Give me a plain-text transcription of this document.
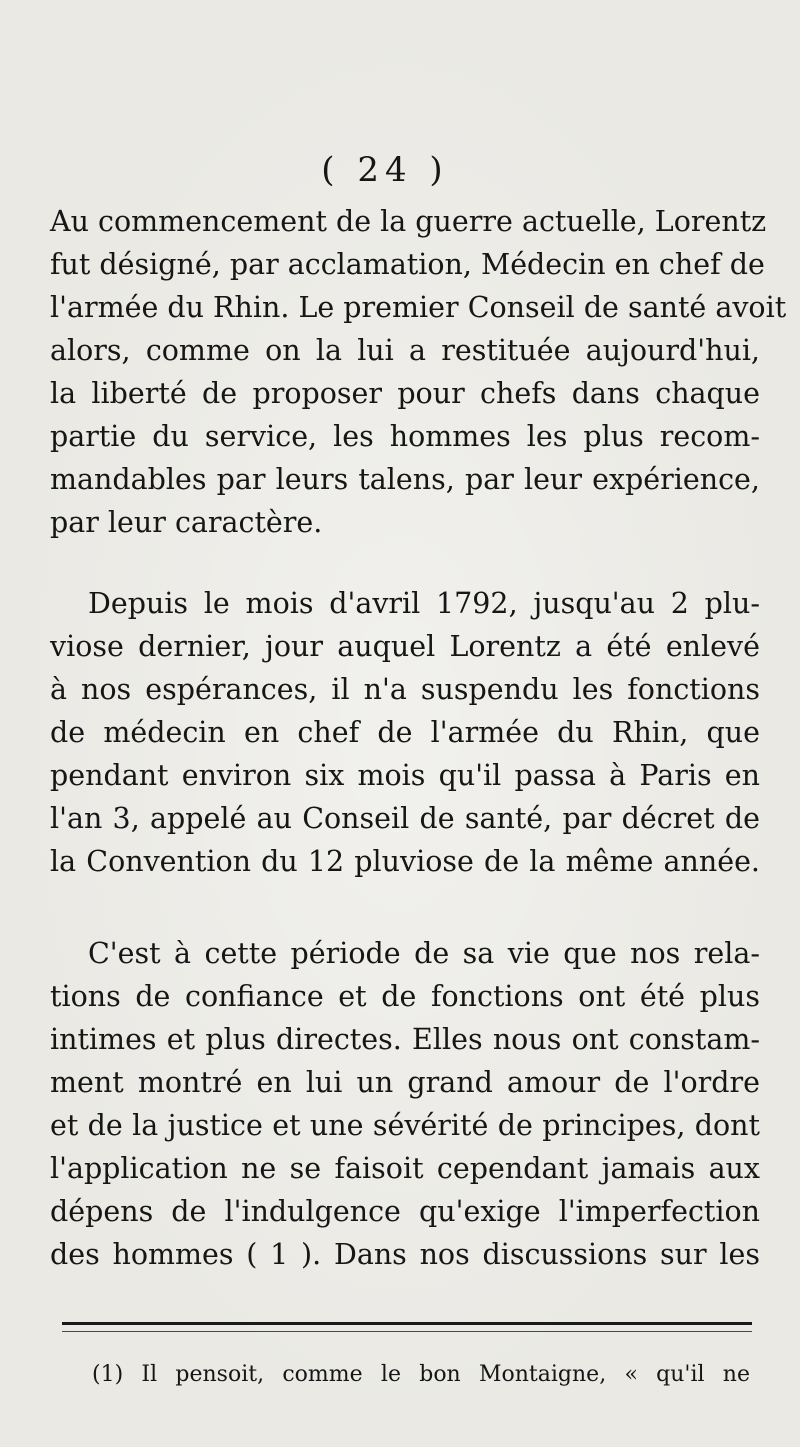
( 24 )
Au commencement de la guerre actuelle, Lorentz
fut désigné, par acclamation, Médecin en chef de
l'armée du Rhin. Le premier Conseil de santé avoit
alors, comme on la lui a restituée aujourd'hui,
la liberté de proposer pour chefs dans chaque
partie du service, les hommes les plus recom-
mandables par leurs talens, par leur expérience,
par leur caractère.
Depuis le mois d'avril 1792, jusqu'au 2 plu-
viose dernier, jour auquel Lorentz a été enlevé
à nos espérances, il n'a suspendu les fonctions
de médecin en chef de l'armée du Rhin, que
pendant environ six mois qu'il passa à Paris en
l'an 3, appelé au Conseil de santé, par décret de
la Convention du 12 pluviose de la même année.
C'est à cette période de sa vie que nos rela-
tions de confiance et de fonctions ont été plus
intimes et plus directes. Elles nous ont constam-
ment montré en lui un grand amour de l'ordre
et de la justice et une sévérité de principes, dont
l'application ne se faisoit cependant jamais aux
dépens de l'indulgence qu'exige l'imperfection
des hommes ( 1 ). Dans nos discussions sur les
(1) Il pensoit, comme le bon Montaigne, « qu'il ne
